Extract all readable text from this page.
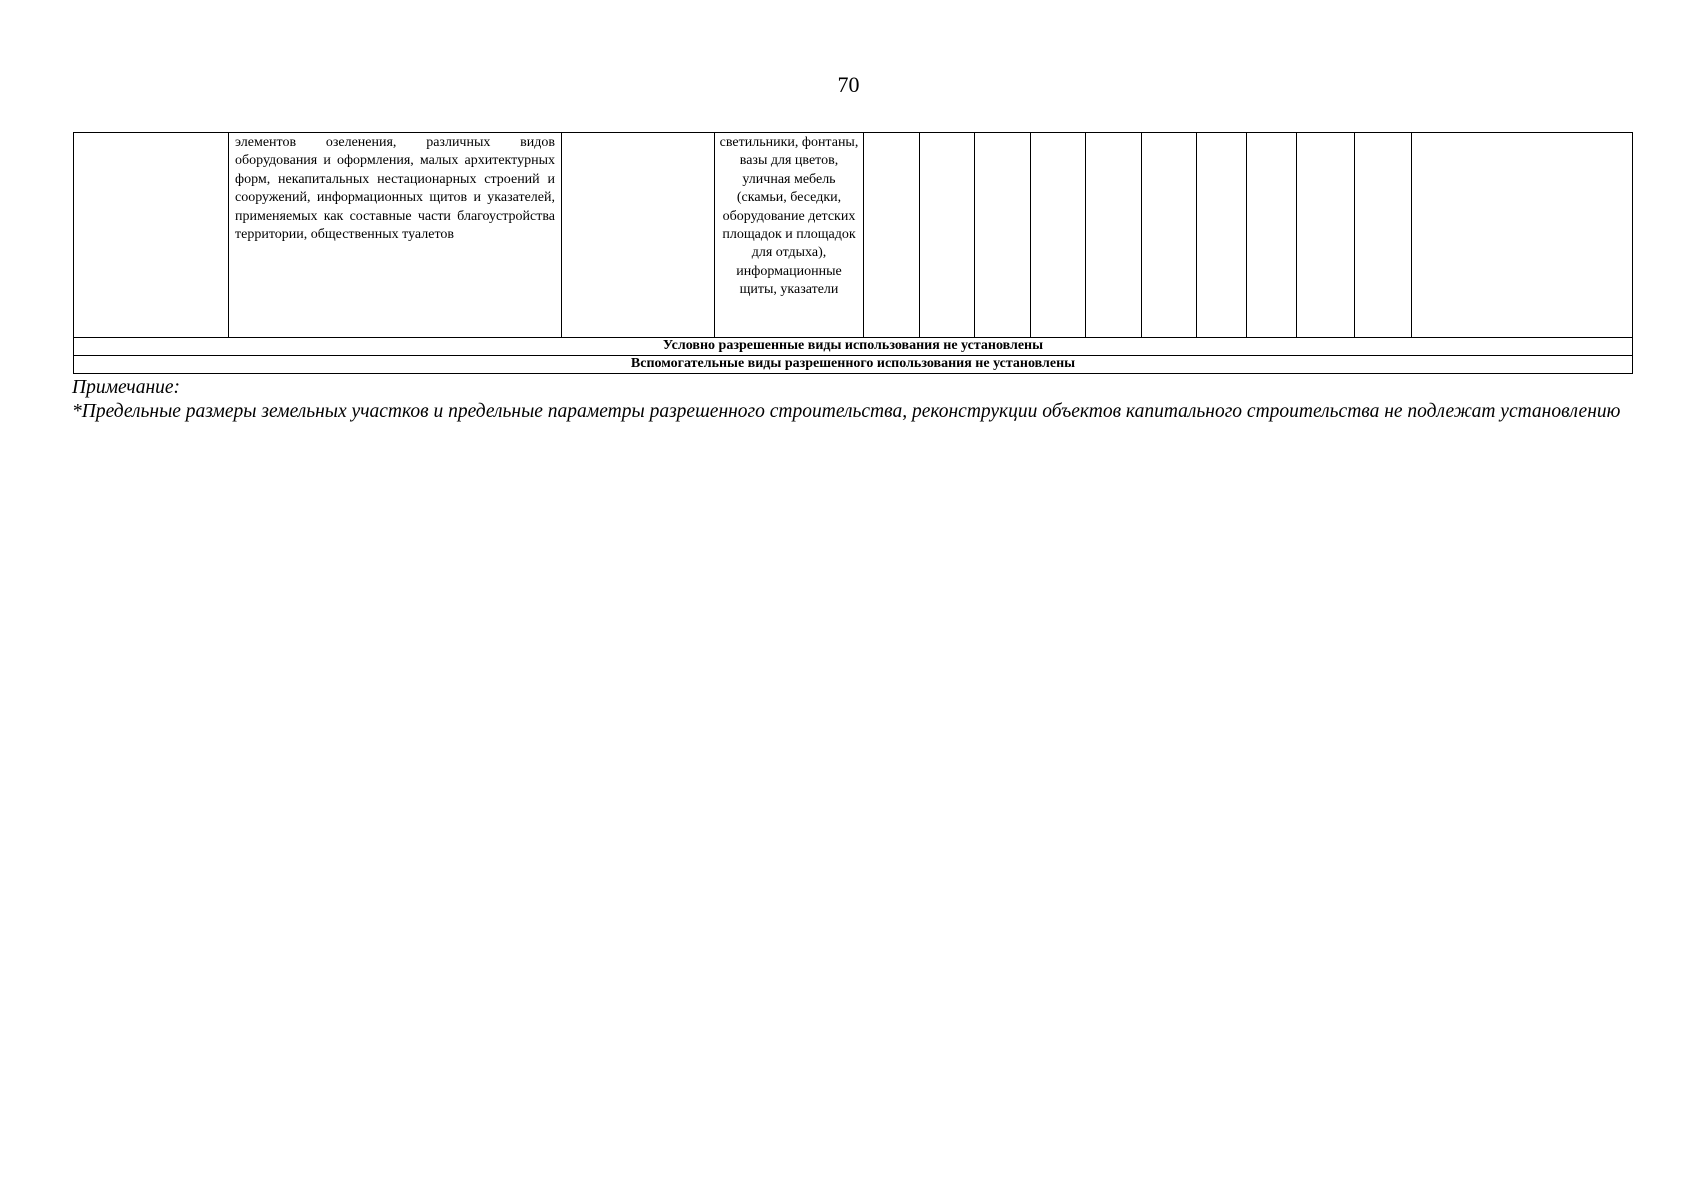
70
	элементов озеленения, различных видов оборудования и оформления, малых архитектурных форм, некапитальных нестационарных строений и сооружений, информационных щитов и указателей, применяемых как составные части благоустройства территории, общественных туалетов		светильники, фонтаны, вазы для цветов, уличная мебель (скамьи, беседки, оборудование детских площадок и площадок для отдыха), информационные щиты, указатели											
Условно разрешенные виды использования не установлены
Вспомогательные виды разрешенного использования не установлены

Примечание:

*Предельные размеры земельных участков и предельные параметры разрешенного строительства, реконструкции объектов капитального строительства не подлежат установлению
